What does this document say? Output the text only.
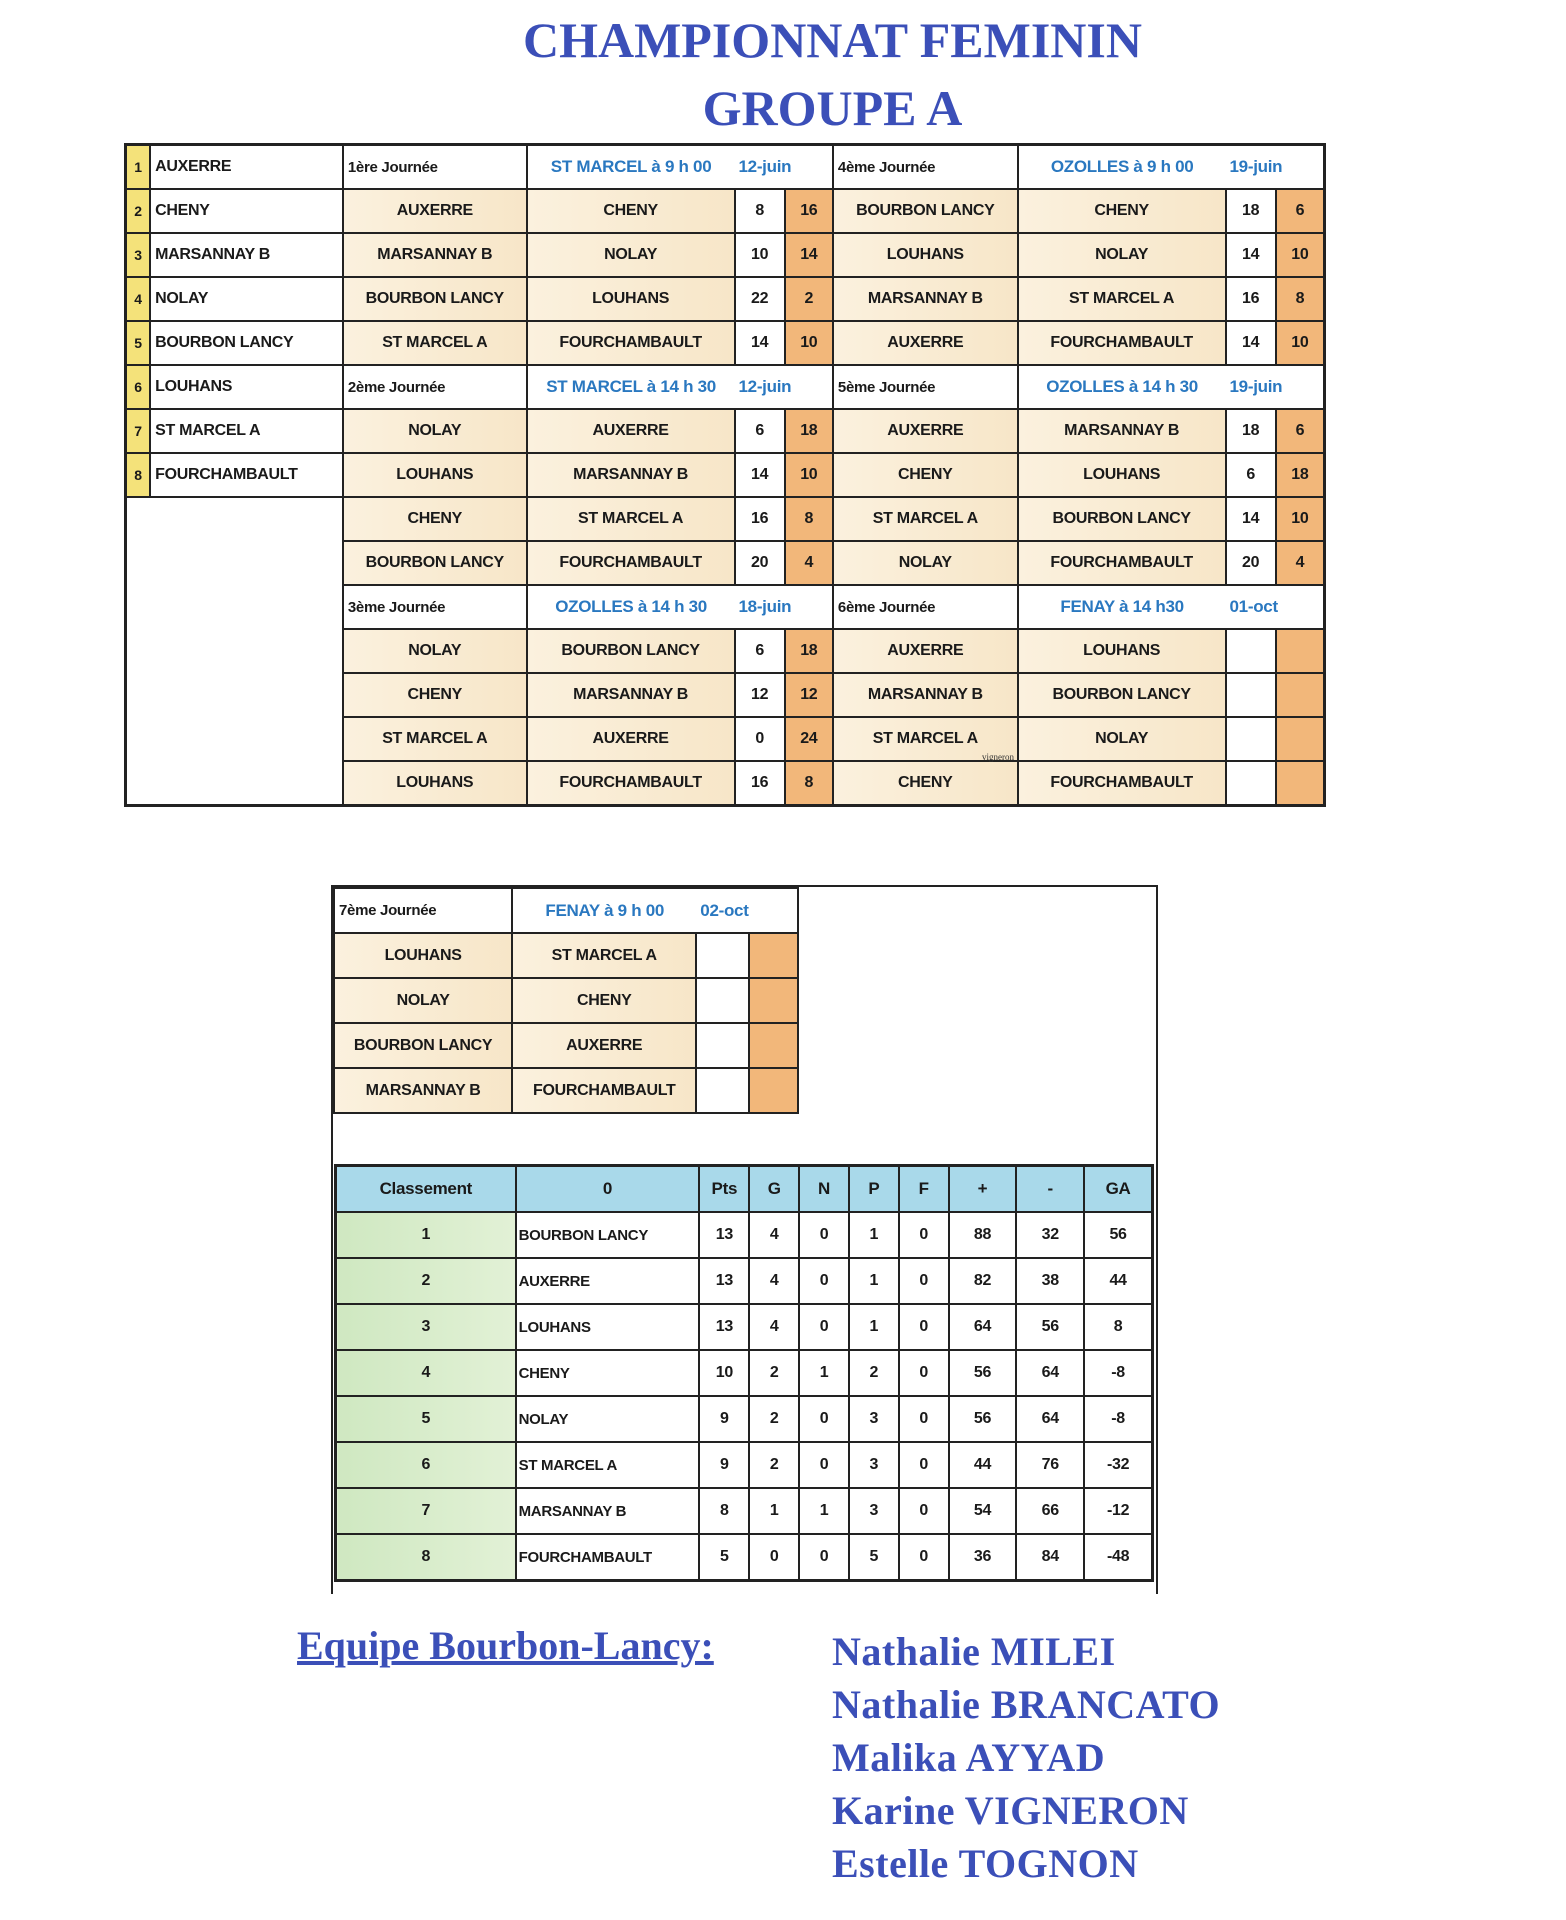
CHAMPIONNAT FEMININ
GROUPE A
1	AUXERRE	1ère Journée	ST MARCEL à 9 h 00	12-juin		4ème Journée	OZOLLES à 9 h 00	19-juin	
2	CHENY	AUXERRE	CHENY	8	16	BOURBON LANCY	CHENY	18	6
3	MARSANNAY B	MARSANNAY B	NOLAY	10	14	LOUHANS	NOLAY	14	10
4	NOLAY	BOURBON LANCY	LOUHANS	22	2	MARSANNAY B	ST MARCEL A	16	8
5	BOURBON LANCY	ST MARCEL A	FOURCHAMBAULT	14	10	AUXERRE	FOURCHAMBAULT	14	10
6	LOUHANS	2ème Journée	ST MARCEL à 14 h 30	12-juin		5ème Journée	OZOLLES à 14 h 30	19-juin	
7	ST MARCEL A	NOLAY	AUXERRE	6	18	AUXERRE	MARSANNAY B	18	6
8	FOURCHAMBAULT	LOUHANS	MARSANNAY B	14	10	CHENY	LOUHANS	6	18
		CHENY	ST MARCEL A	16	8	ST MARCEL A	BOURBON LANCY	14	10
		BOURBON LANCY	FOURCHAMBAULT	20	4	NOLAY	FOURCHAMBAULT	20	4
		3ème Journée	OZOLLES à 14 h 30	18-juin		6ème Journée	FENAY à 14 h30	01-oct	
		NOLAY	BOURBON LANCY	6	18	AUXERRE	LOUHANS		
		CHENY	MARSANNAY B	12	12	MARSANNAY B	BOURBON LANCY		
		ST MARCEL A	AUXERRE	0	24	ST MARCEL A	NOLAY		
		LOUHANS	FOURCHAMBAULT	16	8	CHENY	FOURCHAMBAULT		
vigneron
7ème Journée	FENAY à 9 h 00	02-oct	
LOUHANS	ST MARCEL A		
NOLAY	CHENY		
BOURBON LANCY	AUXERRE		
MARSANNAY B	FOURCHAMBAULT		
Classement	0	Pts	G	N	P	F	+	-	GA
1	BOURBON LANCY	13	4	0	1	0	88	32	56
2	AUXERRE	13	4	0	1	0	82	38	44
3	LOUHANS	13	4	0	1	0	64	56	8
4	CHENY	10	2	1	2	0	56	64	-8
5	NOLAY	9	2	0	3	0	56	64	-8
6	ST MARCEL A	9	2	0	3	0	44	76	-32
7	MARSANNAY B	8	1	1	3	0	54	66	-12
8	FOURCHAMBAULT	5	0	0	5	0	36	84	-48

Equipe Bourbon-Lancy:	Nathalie MILEI

Nathalie BRANCATO

Malika AYYAD

Karine VIGNERON

Estelle TOGNON
